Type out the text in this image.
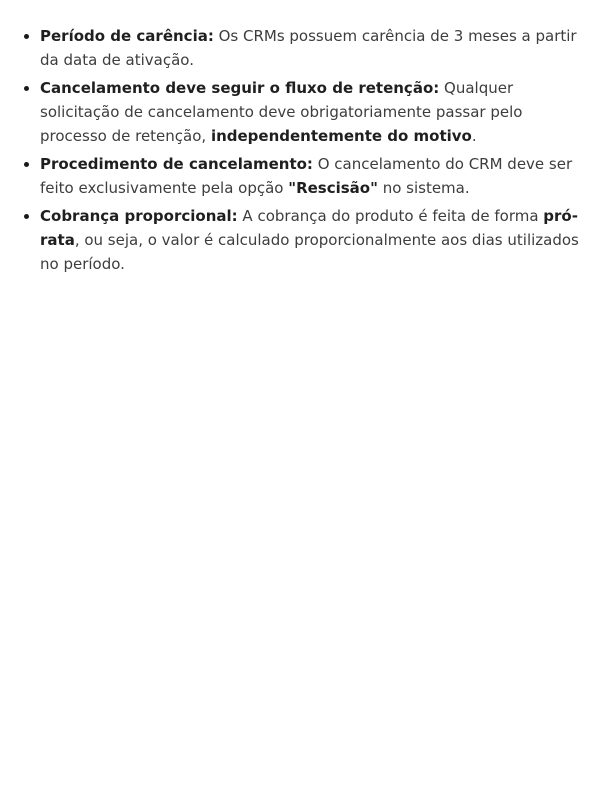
• Período de carência: Os CRMs possuem carência de 3 meses a partir da data de ativação.
• Cancelamento deve seguir o fluxo de retenção: Qualquer solicitação de cancelamento deve obrigatoriamente passar pelo processo de retenção, independentemente do motivo.
• Procedimento de cancelamento: O cancelamento do CRM deve ser feito exclusivamente pela opção "Rescisão" no sistema.
• Cobrança proporcional: A cobrança do produto é feita de forma pró-rata, ou seja, o valor é calculado proporcionalmente aos dias utilizados no período.
